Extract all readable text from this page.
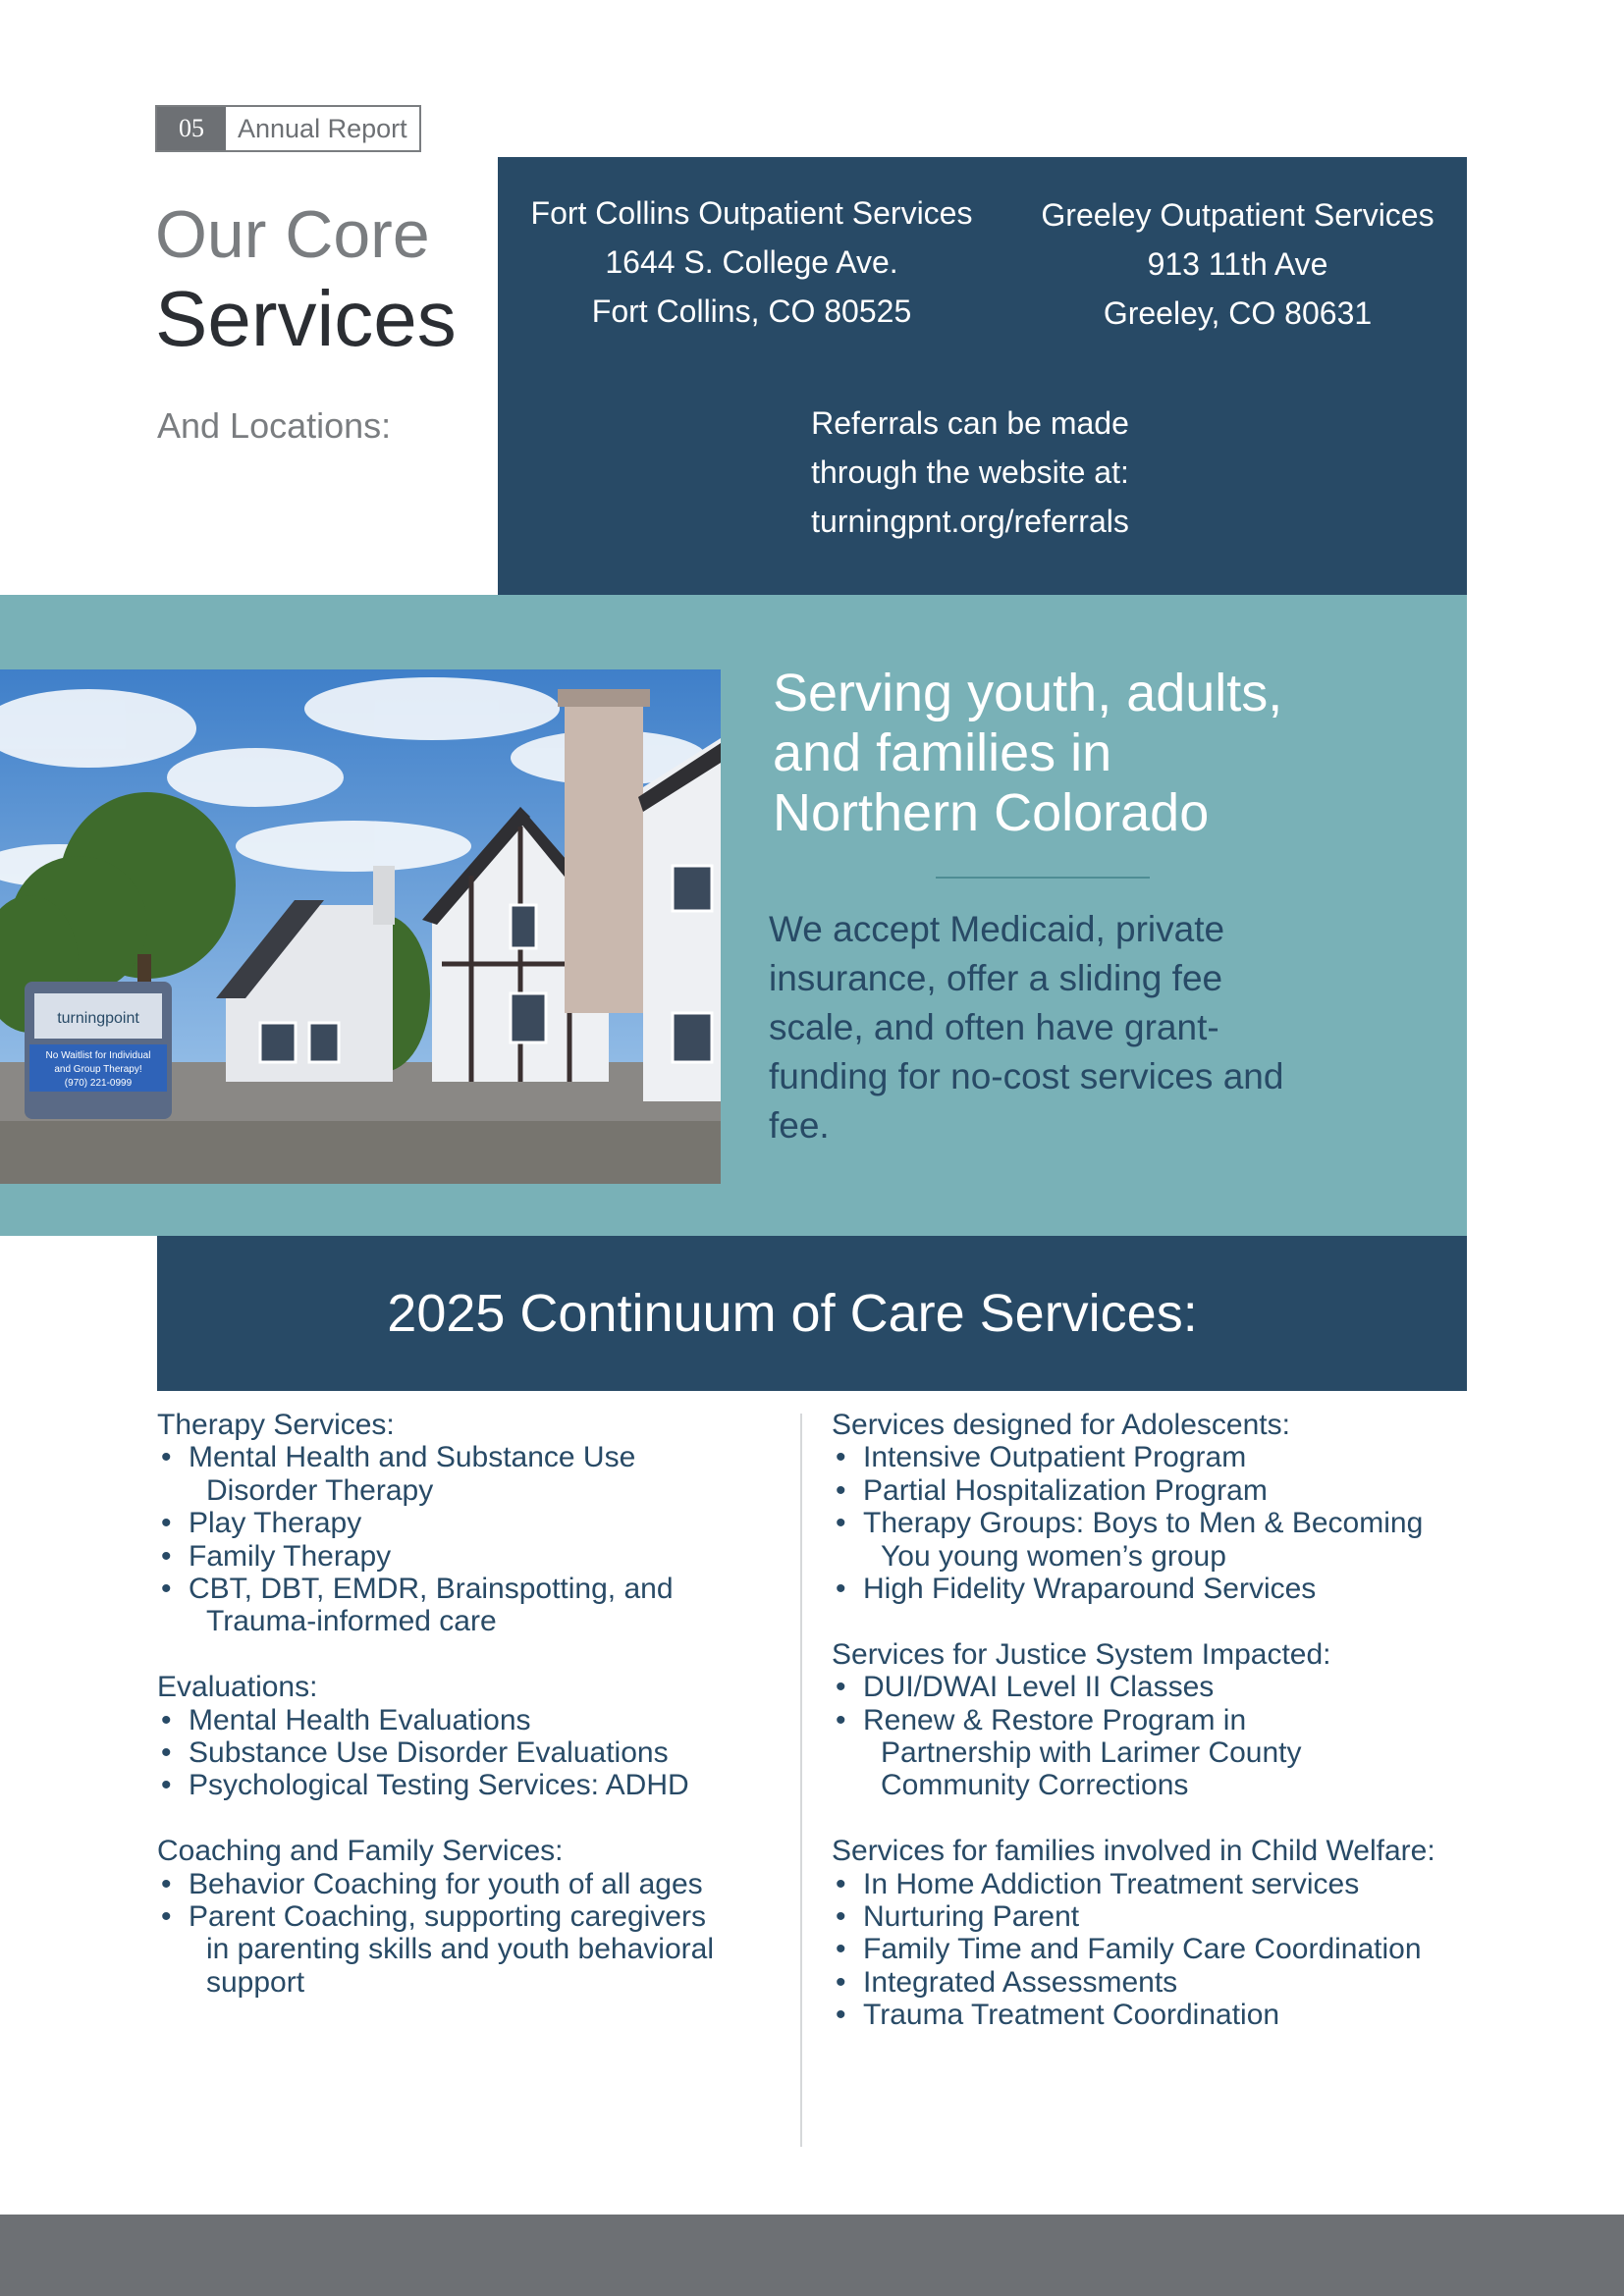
05	Annual Report
Our Core
Services
And Locations:
Fort Collins Outpatient Services
1644 S. College Ave.
Fort Collins, CO 80525
Greeley Outpatient Services
913 11th Ave
Greeley, CO 80631
Referrals can be made
through the website at:
turningpnt.org/referrals
turningpoint
No Waitlist for Individual
and Group Therapy!
(970) 221-0999
Serving youth, adults,
and families in
Northern Colorado
We accept Medicaid, private
insurance, offer a sliding fee
scale, and often have grant-
funding for no-cost services and
fee.
2025 Continuum of Care Services:
Therapy Services:
• Mental Health and Substance Use
Disorder Therapy
• Play Therapy
• Family Therapy
• CBT, DBT, EMDR, Brainspotting, and
Trauma-informed care
Evaluations:
• Mental Health Evaluations
• Substance Use Disorder Evaluations
• Psychological Testing Services: ADHD
Coaching and Family Services:
• Behavior Coaching for youth of all ages
• Parent Coaching, supporting caregivers
in parenting skills and youth behavioral
support
Services designed for Adolescents:
• Intensive Outpatient Program
• Partial Hospitalization Program
• Therapy Groups: Boys to Men & Becoming
You young women’s group
• High Fidelity Wraparound Services
Services for Justice System Impacted:
• DUI/DWAI Level II Classes
• Renew & Restore Program in
Partnership with Larimer County
Community Corrections
Services for families involved in Child Welfare:
• In Home Addiction Treatment services
• Nurturing Parent
• Family Time and Family Care Coordination
• Integrated Assessments
• Trauma Treatment Coordination
